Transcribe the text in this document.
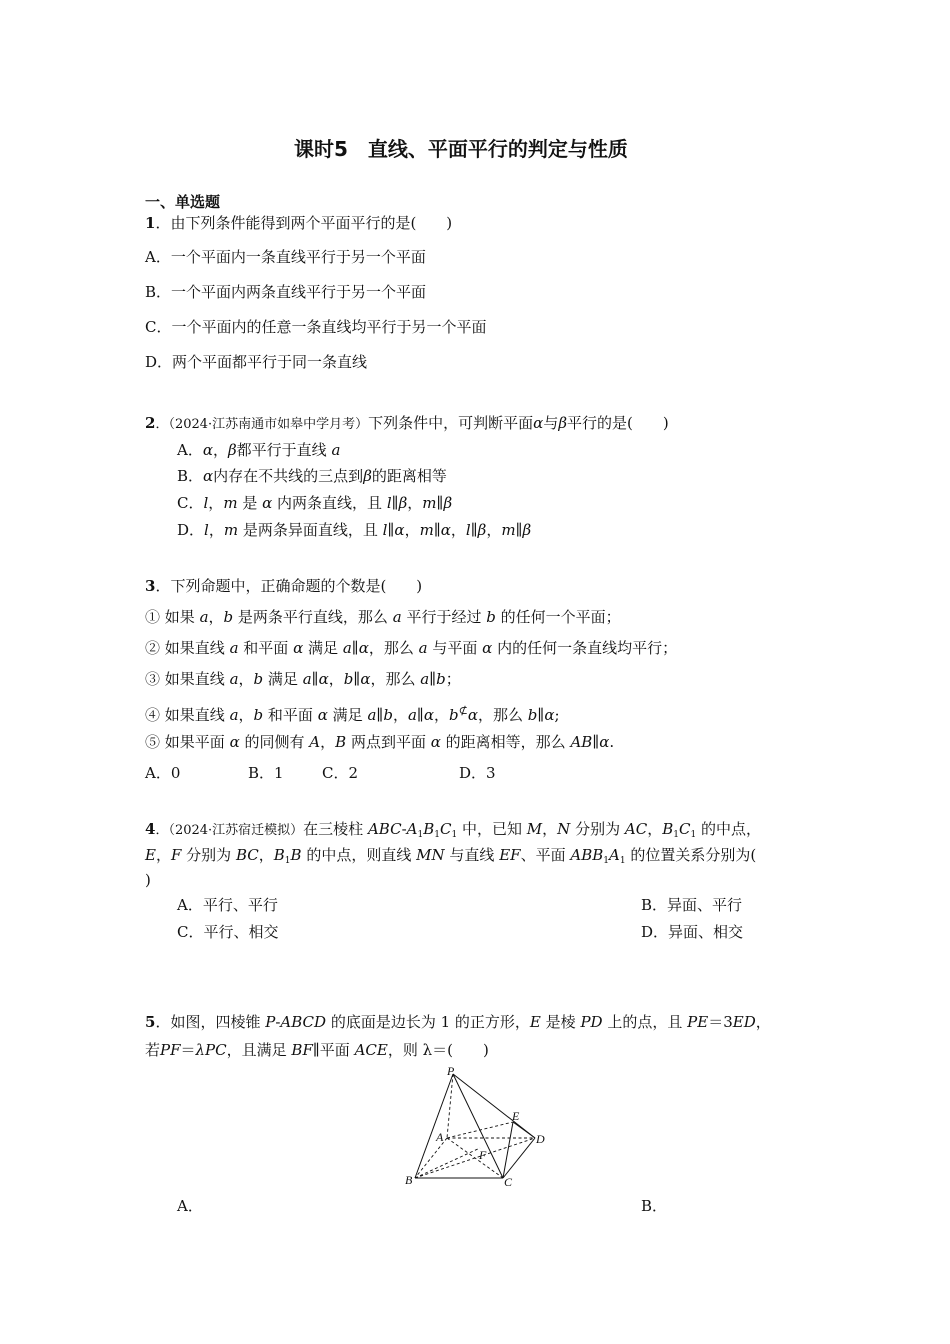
课时5　直线、平面平行的判定与性质
一、单选题
1．由下列条件能得到两个平面平行的是(　　)
A．一个平面内一条直线平行于另一个平面
B．一个平面内两条直线平行于另一个平面
C．一个平面内的任意一条直线均平行于另一个平面
D．两个平面都平行于同一条直线
2．（2024·江苏南通市如皋中学月考）下列条件中，可判断平面α与β平行的是(　　)
A．α，β都平行于直线 a
B．α内存在不共线的三点到β的距离相等
C．l，m 是 α 内两条直线，且 l∥β，m∥β
D．l，m 是两条异面直线，且 l∥α，m∥α，l∥β，m∥β
3．下列命题中，正确命题的个数是(　　)
① 如果 a，b 是两条平行直线，那么 a 平行于经过 b 的任何一个平面；
② 如果直线 a 和平面 α 满足 a∥α，那么 a 与平面 α 内的任何一条直线均平行；
③ 如果直线 a，b 满足 a∥α，b∥α，那么 a∥b；
④ 如果直线 a，b 和平面 α 满足 a∥b，a∥α，b⊄α，那么 b∥α;
⑤ 如果平面 α 的同侧有 A，B 两点到平面 α 的距离相等，那么 AB∥α.
A．0	B．1	C．2	D．3
4．（2024·江苏宿迁模拟）在三棱柱 ABC-$A_1B_1C_1$ 中，已知 M，N 分别为 AC，$B_1C_1$ 的中点，
E，F 分别为 BC，$B_1B$ 的中点，则直线 MN 与直线 EF、平面 $ABB_1A_1$ 的位置关系分别为(
)
A．平行、平行	B．异面、平行
C．平行、相交	D．异面、相交
5．如图，四棱锥 P-ABCD 的底面是边长为 1 的正方形，E 是棱 PD 上的点，且 PE＝3ED，
若PF＝λPC，且满足 BF∥平面 ACE，则 λ＝(　　)
P
E
A	D
F
B	C
A．	B．
